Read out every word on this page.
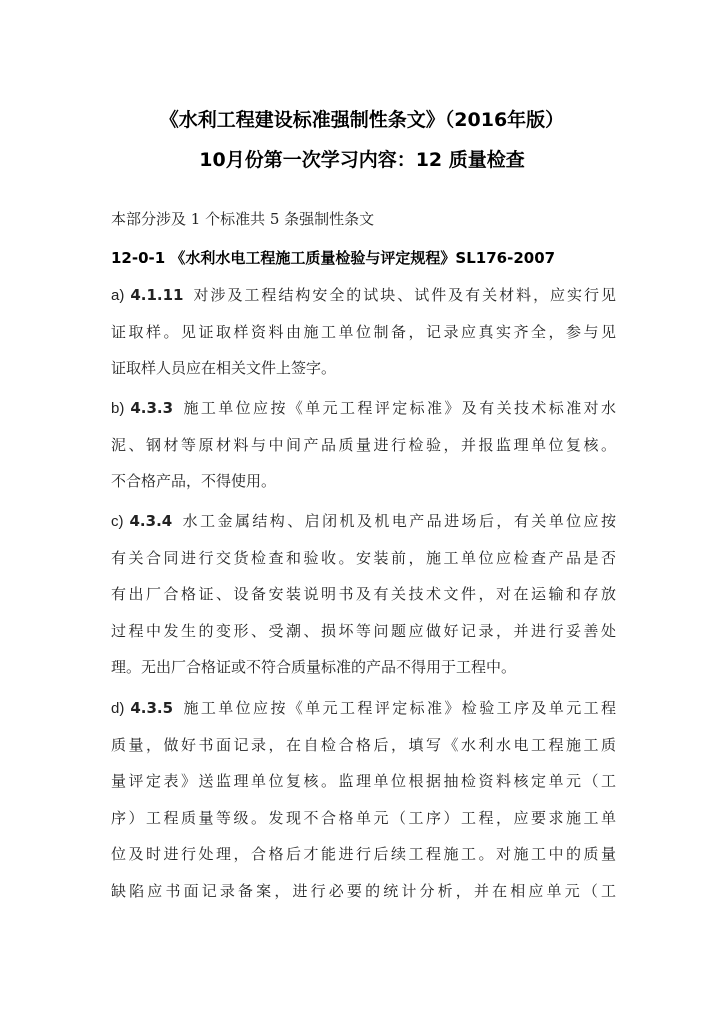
《水利工程建设标准强制性条文》（2016年版）
10月份第一次学习内容：12 质量检查
本部分涉及 1 个标准共 5 条强制性条文
12-0-1 《水利水电工程施工质量检验与评定规程》SL176-2007
a) 4.1.11 对涉及工程结构安全的试块、试件及有关材料，应实行见
证取样。见证取样资料由施工单位制备，记录应真实齐全，参与见
证取样人员应在相关文件上签字。
b) 4.3.3 施工单位应按《单元工程评定标准》及有关技术标准对水
泥、钢材等原材料与中间产品质量进行检验，并报监理单位复核。
不合格产品，不得使用。
c) 4.3.4 水工金属结构、启闭机及机电产品进场后，有关单位应按
有关合同进行交货检查和验收。安装前，施工单位应检查产品是否
有出厂合格证、设备安装说明书及有关技术文件，对在运输和存放
过程中发生的变形、受潮、损坏等问题应做好记录，并进行妥善处
理。无出厂合格证或不符合质量标准的产品不得用于工程中。
d) 4.3.5 施工单位应按《单元工程评定标准》检验工序及单元工程
质量，做好书面记录，在自检合格后，填写《水利水电工程施工质
量评定表》送监理单位复核。监理单位根据抽检资料核定单元（工
序）工程质量等级。发现不合格单元（工序）工程，应要求施工单
位及时进行处理，合格后才能进行后续工程施工。对施工中的质量
缺陷应书面记录备案，进行必要的统计分析，并在相应单元（工
